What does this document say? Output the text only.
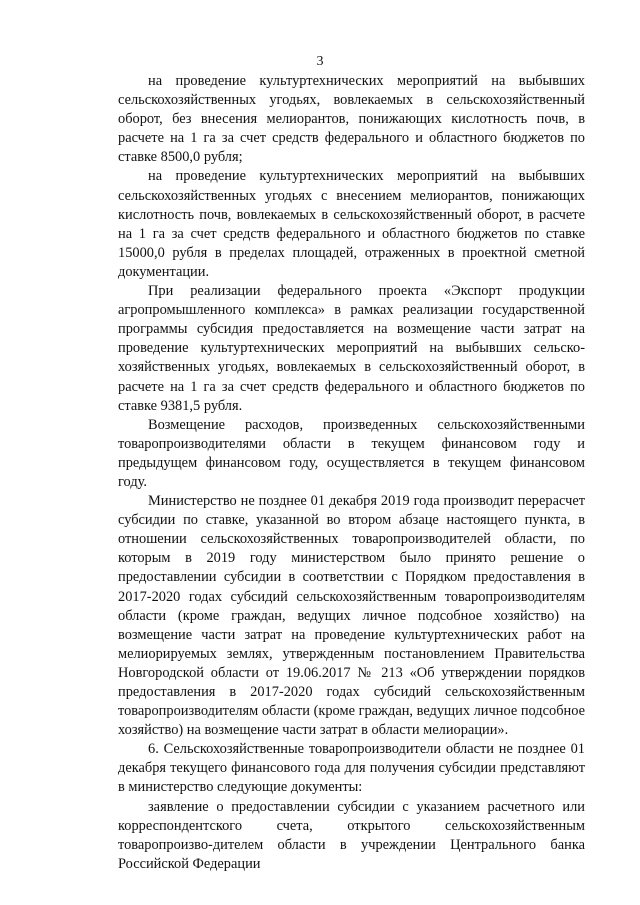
3

на проведение культуртехнических мероприятий на выбывших сельскохозяйственных угодьях, вовлекаемых в сельскохозяйственный оборот, без внесения мелиорантов, понижающих кислотность почв, в расчете на 1 га за счет средств федерального и областного бюджетов по ставке 8500,0 рубля;

на проведение культуртехнических мероприятий на выбывших сельскохозяйственных угодьях с внесением мелиорантов, понижающих кислотность почв, вовлекаемых в сельскохозяйственный оборот, в расчете на 1 га за счет средств федерального и областного бюджетов по ставке 15000,0 рубля в пределах площадей, отраженных в проектной сметной документации.

При реализации федерального проекта «Экспорт продукции агропромышленного комплекса» в рамках реализации государственной программы субсидия предоставляется на возмещение части затрат на проведение культуртехнических мероприятий на выбывших сельско-хозяйственных угодьях, вовлекаемых в сельскохозяйственный оборот, в расчете на 1 га за счет средств федерального и областного бюджетов по ставке 9381,5 рубля.

Возмещение расходов, произведенных сельскохозяйственными товаропроизводителями области в текущем финансовом году и предыдущем финансовом году, осуществляется в текущем финансовом году.

Министерство не позднее 01 декабря 2019 года производит перерасчет субсидии по ставке, указанной во втором абзаце настоящего пункта, в отношении сельскохозяйственных товаропроизводителей области, по которым в 2019 году министерством было принято решение о предоставлении субсидии в соответствии с Порядком предоставления в 2017-2020 годах субсидий сельскохозяйственным товаропроизводителям области (кроме граждан, ведущих личное подсобное хозяйство) на возмещение части затрат на проведение культуртехнических работ на мелиорируемых землях, утвержденным постановлением Правительства Новгородской области от 19.06.2017 № 213 «Об утверждении порядков предоставления в 2017-2020 годах субсидий сельскохозяйственным товаропроизводителям области (кроме граждан, ведущих личное подсобное хозяйство) на возмещение части затрат в области мелиорации».

6. Сельскохозяйственные товаропроизводители области не позднее 01 декабря текущего финансового года для получения субсидии представляют в министерство следующие документы:

заявление о предоставлении субсидии с указанием расчетного или корреспондентского счета, открытого сельскохозяйственным товаропроизво-дителем области в учреждении Центрального банка Российской Федерации
